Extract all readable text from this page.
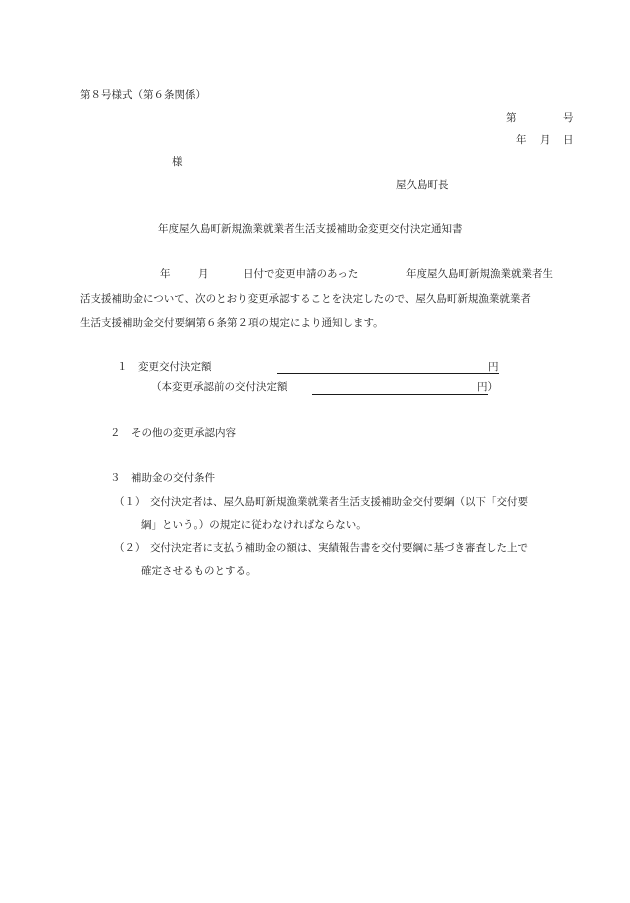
第８号様式（第６条関係）
第	号
年 月 日
様
屋久島町長
年度屋久島町新規漁業就業者生活支援補助金変更交付決定通知書
年	月	日付で変更申請のあった	年度屋久島町新規漁業就業者生
活支援補助金について、次のとおり変更承認することを決定したので、屋久島町新規漁業就業者
生活支援補助金交付要綱第６条第２項の規定により通知します。
１　変更交付決定額	円
（本変更承認前の交付決定額	円）
２　その他の変更承認内容
３　補助金の交付条件
（１） 交付決定者は、屋久島町新規漁業就業者生活支援補助金交付要綱（以下「交付要
綱」という。）の規定に従わなければならない。
（２） 交付決定者に支払う補助金の額は、実績報告書を交付要綱に基づき審査した上で
確定させるものとする。
